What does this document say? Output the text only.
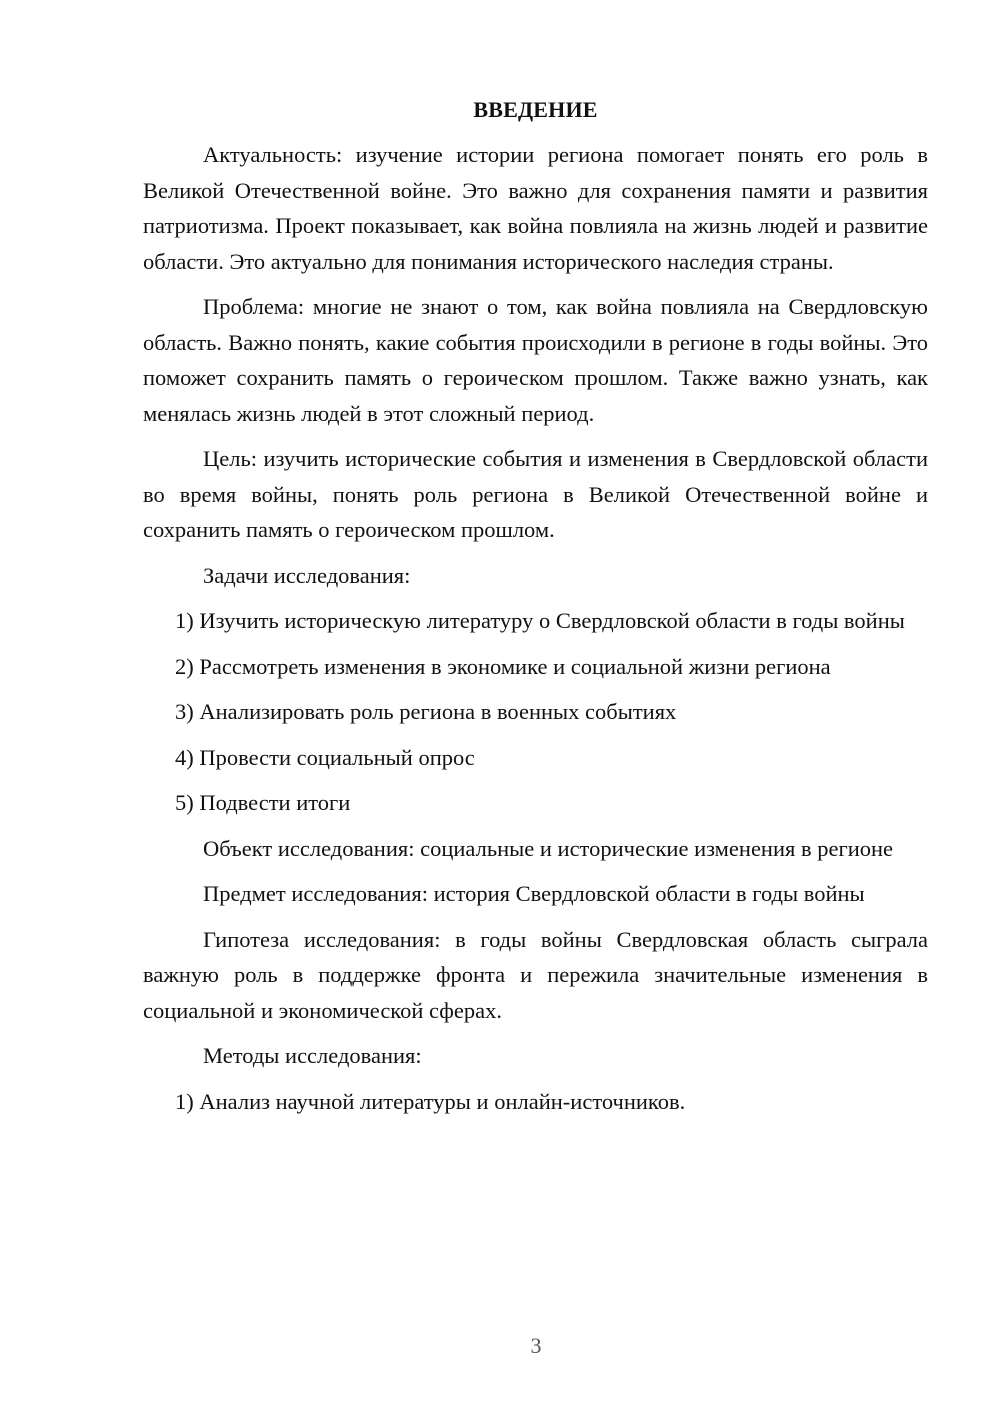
ВВЕДЕНИЕ

Актуальность: изучение истории региона помогает понять его роль в Великой Отечественной войне. Это важно для сохранения памяти и развития патриотизма. Проект показывает, как война повлияла на жизнь людей и развитие области. Это актуально для понимания исторического наследия страны.

Проблема: многие не знают о том, как война повлияла на Свердловскую область. Важно понять, какие события происходили в регионе в годы войны. Это поможет сохранить память о героическом прошлом. Также важно узнать, как менялась жизнь людей в этот сложный период.

Цель: изучить исторические события и изменения в Свердловской области во время войны, понять роль региона в Великой Отечественной войне и сохранить память о героическом прошлом.

Задачи исследования:

1) Изучить историческую литературу о Свердловской области в годы войны

2) Рассмотреть изменения в экономике и социальной жизни региона

3) Анализировать роль региона в военных событиях

4) Провести социальный опрос

5) Подвести итоги

Объект исследования: социальные и исторические изменения в регионе

Предмет исследования: история Свердловской области в годы войны

Гипотеза исследования: в годы войны Свердловская область сыграла важную роль в поддержке фронта и пережила значительные изменения в социальной и экономической сферах.

Методы исследования:

1) Анализ научной литературы и онлайн-источников.

3
